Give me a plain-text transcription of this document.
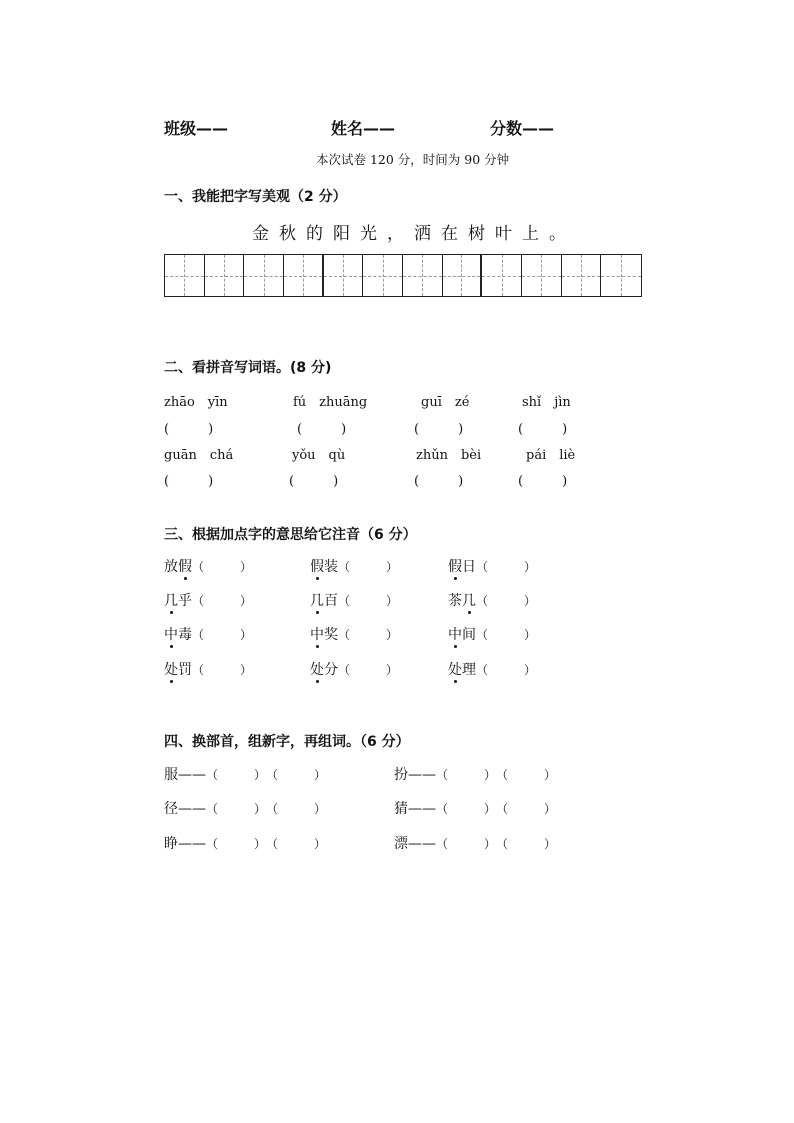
班级——	姓名——	分数——
本次试卷 120 分，时间为 90 分钟
一、我能把字写美观（2 分）
金秋的阳光，洒在树叶上。
二、看拼音写词语。(8 分)
zhāo　yīn	fú　zhuāng	guī　zé	shǐ　jìn
(　　　)	(　　　)	(　　　)	(　　　)
guān　chá	yǒu　qù	zhǔn　bèi	pái　liè
(　　　)	(　　　)	(　　　)	(　　　)
三、根据加点字的意思给它注音（6 分）
放假（　　　）	假装（　　　）	假日（　　　）
几乎（　　　）	几百（　　　）	茶几（　　　）
中毒（　　　）	中奖（　　　）	中间（　　　）
处罚（　　　）	处分（　　　）	处理（　　　）
四、换部首，组新字，再组词。（6 分）
服——（　　　） （　　　）	扮——（　　　） （　　　）
径——（　　　） （　　　）	猜——（　　　） （　　　）
睁——（　　　） （　　　）	漂——（　　　） （　　　）
